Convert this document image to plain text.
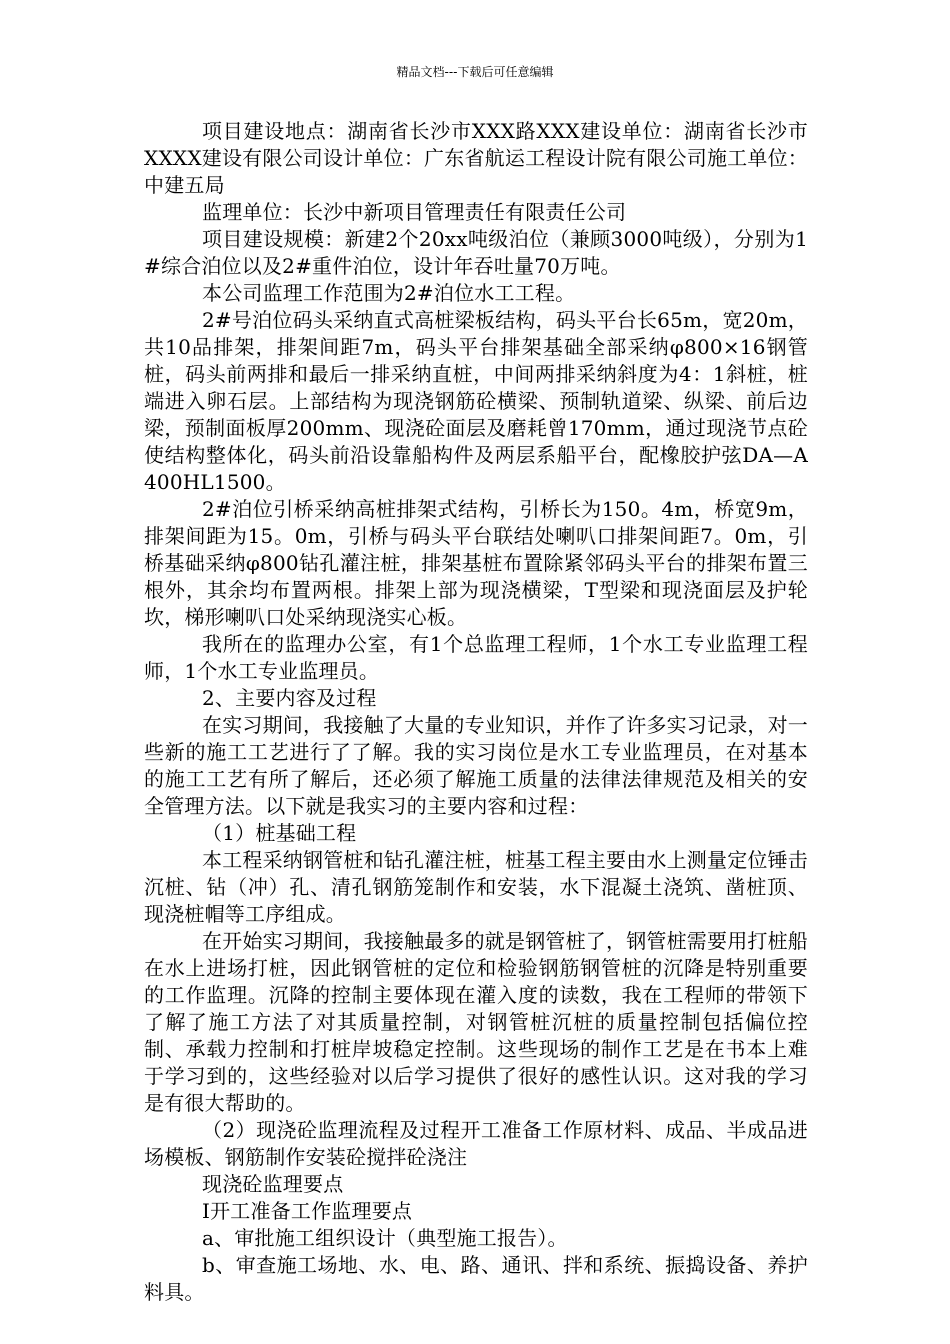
精品文档---下载后可任意编辑

项目建设地点：湖南省长沙市XXX路XXX建设单位：湖南省长沙市XXXX建设有限公司设计单位：广东省航运工程设计院有限公司施工单位：中建五局

监理单位：长沙中新项目管理责任有限责任公司

项目建设规模：新建2个20xx吨级泊位（兼顾3000吨级），分别为1#综合泊位以及2#重件泊位，设计年吞吐量70万吨。

本公司监理工作范围为2#泊位水工工程。

2#号泊位码头采纳直式高桩梁板结构，码头平台长65m，宽20m，共10品排架，排架间距7m，码头平台排架基础全部采纳φ800×16钢管桩，码头前两排和最后一排采纳直桩，中间两排采纳斜度为4：1斜桩，桩端进入卵石层。上部结构为现浇钢筋砼横梁、预制轨道梁、纵梁、前后边梁，预制面板厚200mm、现浇砼面层及磨耗曾170mm，通过现浇节点砼使结构整体化，码头前沿设靠船构件及两层系船平台，配橡胶护弦DA—A400HL1500。

2#泊位引桥采纳高桩排架式结构，引桥长为150。4m，桥宽9m，排架间距为15。0m，引桥与码头平台联结处喇叭口排架间距7。0m，引桥基础采纳φ800钻孔灌注桩，排架基桩布置除紧邻码头平台的排架布置三根外，其余均布置两根。排架上部为现浇横梁，T型梁和现浇面层及护轮坎，梯形喇叭口处采纳现浇实心板。

我所在的监理办公室，有1个总监理工程师，1个水工专业监理工程师，1个水工专业监理员。

2、主要内容及过程

在实习期间，我接触了大量的专业知识，并作了许多实习记录，对一些新的施工工艺进行了了解。我的实习岗位是水工专业监理员，在对基本的施工工艺有所了解后，还必须了解施工质量的法律法律规范及相关的安全管理方法。以下就是我实习的主要内容和过程：

（1）桩基础工程

本工程采纳钢管桩和钻孔灌注桩，桩基工程主要由水上测量定位锤击沉桩、钻（冲）孔、清孔钢筋笼制作和安装，水下混凝土浇筑、凿桩顶、现浇桩帽等工序组成。

在开始实习期间，我接触最多的就是钢管桩了，钢管桩需要用打桩船在水上进场打桩，因此钢管桩的定位和检验钢筋钢管桩的沉降是特别重要的工作监理。沉降的控制主要体现在灌入度的读数，我在工程师的带领下了解了施工方法了对其质量控制，对钢管桩沉桩的质量控制包括偏位控制、承载力控制和打桩岸坡稳定控制。这些现场的制作工艺是在书本上难于学习到的，这些经验对以后学习提供了很好的感性认识。这对我的学习是有很大帮助的。

（2）现浇砼监理流程及过程开工准备工作原材料、成品、半成品进场模板、钢筋制作安装砼搅拌砼浇注

现浇砼监理要点

I开工准备工作监理要点

a、审批施工组织设计（典型施工报告）。

b、审查施工场地、水、电、路、通讯、拌和系统、振捣设备、养护料具。
